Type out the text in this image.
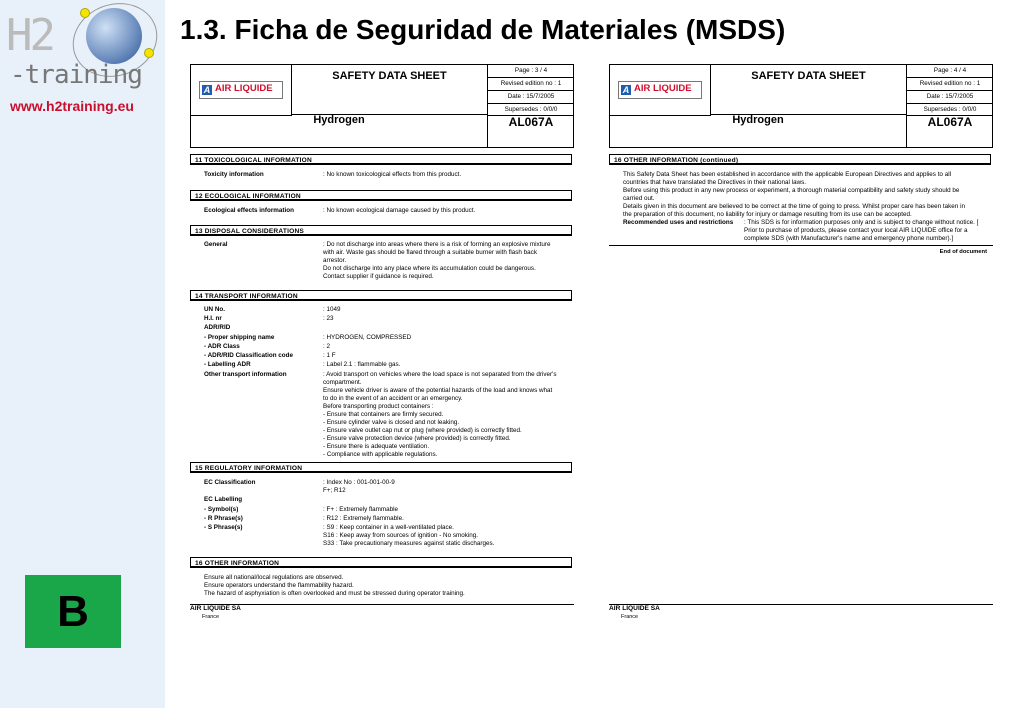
H2
-training
www.h2training.eu
B
1.3. Ficha de Seguridad de Materiales (MSDS)
A AIR LIQUIDE
SAFETY DATA SHEET	Page : 3 / 4
Revised edition no : 1
Date : 15/7/2005
Supersedes : 0/0/0
Hydrogen	AL067A
11 TOXICOLOGICAL INFORMATION
Toxicity information	: No known toxicological effects from this product.
12 ECOLOGICAL INFORMATION
Ecological effects information	: No known ecological damage caused by this product.
13 DISPOSAL CONSIDERATIONS
General	: Do not discharge into areas where there is a risk of forming an explosive mixture
with air. Waste gas should be flared through a suitable burner with flash back
arrestor.
Do not discharge into any place where its accumulation could be dangerous.
Contact supplier if guidance is required.
14 TRANSPORT INFORMATION
UN No.	: 1049
H.I. nr	: 23
ADR/RID
- Proper shipping name	: HYDROGEN, COMPRESSED
- ADR Class	: 2
- ADR/RID Classification code	: 1 F
- Labelling ADR	: Label 2.1 : flammable gas.
Other transport information	: Avoid transport on vehicles where the load space is not separated from the driver's
compartment.
Ensure vehicle driver is aware of the potential hazards of the load and knows what
to do in the event of an accident or an emergency.
Before transporting product containers :
- Ensure that containers are firmly secured.
- Ensure cylinder valve is closed and not leaking.
- Ensure valve outlet cap nut or plug (where provided) is correctly fitted.
- Ensure valve protection device (where provided) is correctly fitted.
- Ensure there is adequate ventilation.
- Compliance with applicable regulations.
15 REGULATORY INFORMATION
EC Classification	: Index No : 001-001-00-9
F+; R12
EC Labelling
- Symbol(s)	: F+ : Extremely flammable
- R Phrase(s)	: R12 : Extremely flammable.
- S Phrase(s)	: S9 : Keep container in a well-ventilated place.
S16 : Keep away from sources of ignition - No smoking.
S33 : Take precautionary measures against static discharges.
16 OTHER INFORMATION
Ensure all national/local regulations are observed.
Ensure operators understand the flammability hazard.
The hazard of asphyxiation is often overlooked and must be stressed during operator training.
AIR LIQUIDE SA
France
A AIR LIQUIDE
SAFETY DATA SHEET	Page : 4 / 4
Revised edition no : 1
Date : 15/7/2005
Supersedes : 0/0/0
Hydrogen	AL067A
16 OTHER INFORMATION (continued)
This Safety Data Sheet has been established in accordance with the applicable European Directives and applies to all
countries that have translated the Directives in their national laws.
Before using this product in any new process or experiment, a thorough material compatibility and safety study should be
carried out.
Details given in this document are believed to be correct at the time of going to press. Whilst proper care has been taken in
the preparation of this document, no liability for injury or damage resulting from its use can be accepted.
Recommended uses and restrictions : This SDS is for information purposes only and is subject to change without notice. [
Prior to purchase of products, please contact your local AIR LIQUIDE office for a
complete SDS (with Manufacturer's name and emergency phone number).]
End of document
AIR LIQUIDE SA
France
